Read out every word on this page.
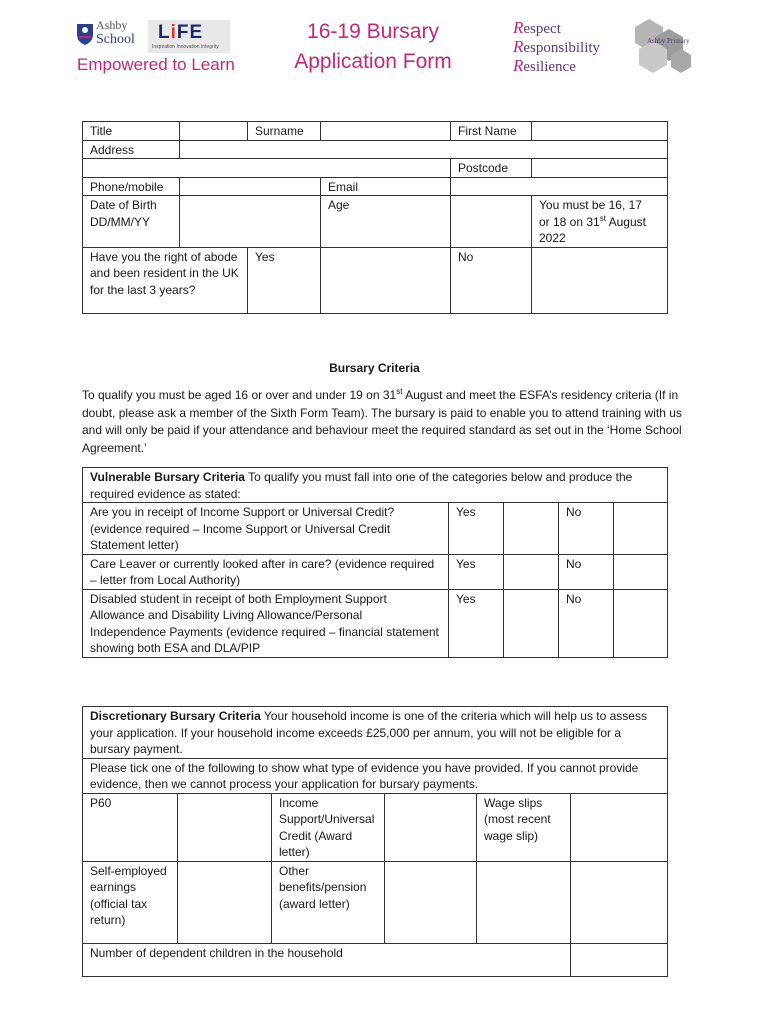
Ashby
School LiFE
Inspiration Innovation Integrity
Empowered to Learn
16-19 Bursary
Application Form
Respect
Responsibility
Resilience
Ashby Primary
Title		Surname		First Name	
Address					
				Postcode	
Phone/mobile			Email		
Date of Birth
DD/MM/YY			Age		You must be 16, 17
or 18 on 31st August
2022
Have you the right of abode and been resident in the UK for the last 3 years?		Yes		No	
Bursary Criteria
To qualify you must be aged 16 or over and under 19 on 31st August and meet the ESFA’s residency criteria (If in doubt, please ask a member of the Sixth Form Team). The bursary is paid to enable you to attend training with us and will only be paid if your attendance and behaviour meet the required standard as set out in the ‘Home School Agreement.’
Vulnerable Bursary Criteria To qualify you must fall into one of the categories below and produce the required evidence as stated:				
Are you in receipt of Income Support or Universal Credit? (evidence required – Income Support or Universal Credit Statement letter)	Yes		No	
Care Leaver or currently looked after in care? (evidence required – letter from Local Authority)	Yes		No	
Disabled student in receipt of both Employment Support Allowance and Disability Living Allowance/Personal Independence Payments (evidence required – financial statement showing both ESA and DLA/PIP	Yes		No	
Discretionary Bursary Criteria Your household income is one of the criteria which will help us to assess your application. If your household income exceeds £25,000 per annum, you will not be eligible for a bursary payment.					
Please tick one of the following to show what type of evidence you have provided. If you cannot provide evidence, then we cannot process your application for bursary payments.					
P60		Income Support/Universal Credit (Award letter)		Wage slips (most recent wage slip)	
Self-employed earnings (official tax return)		Other benefits/pension (award letter)			
Number of dependent children in the household					
